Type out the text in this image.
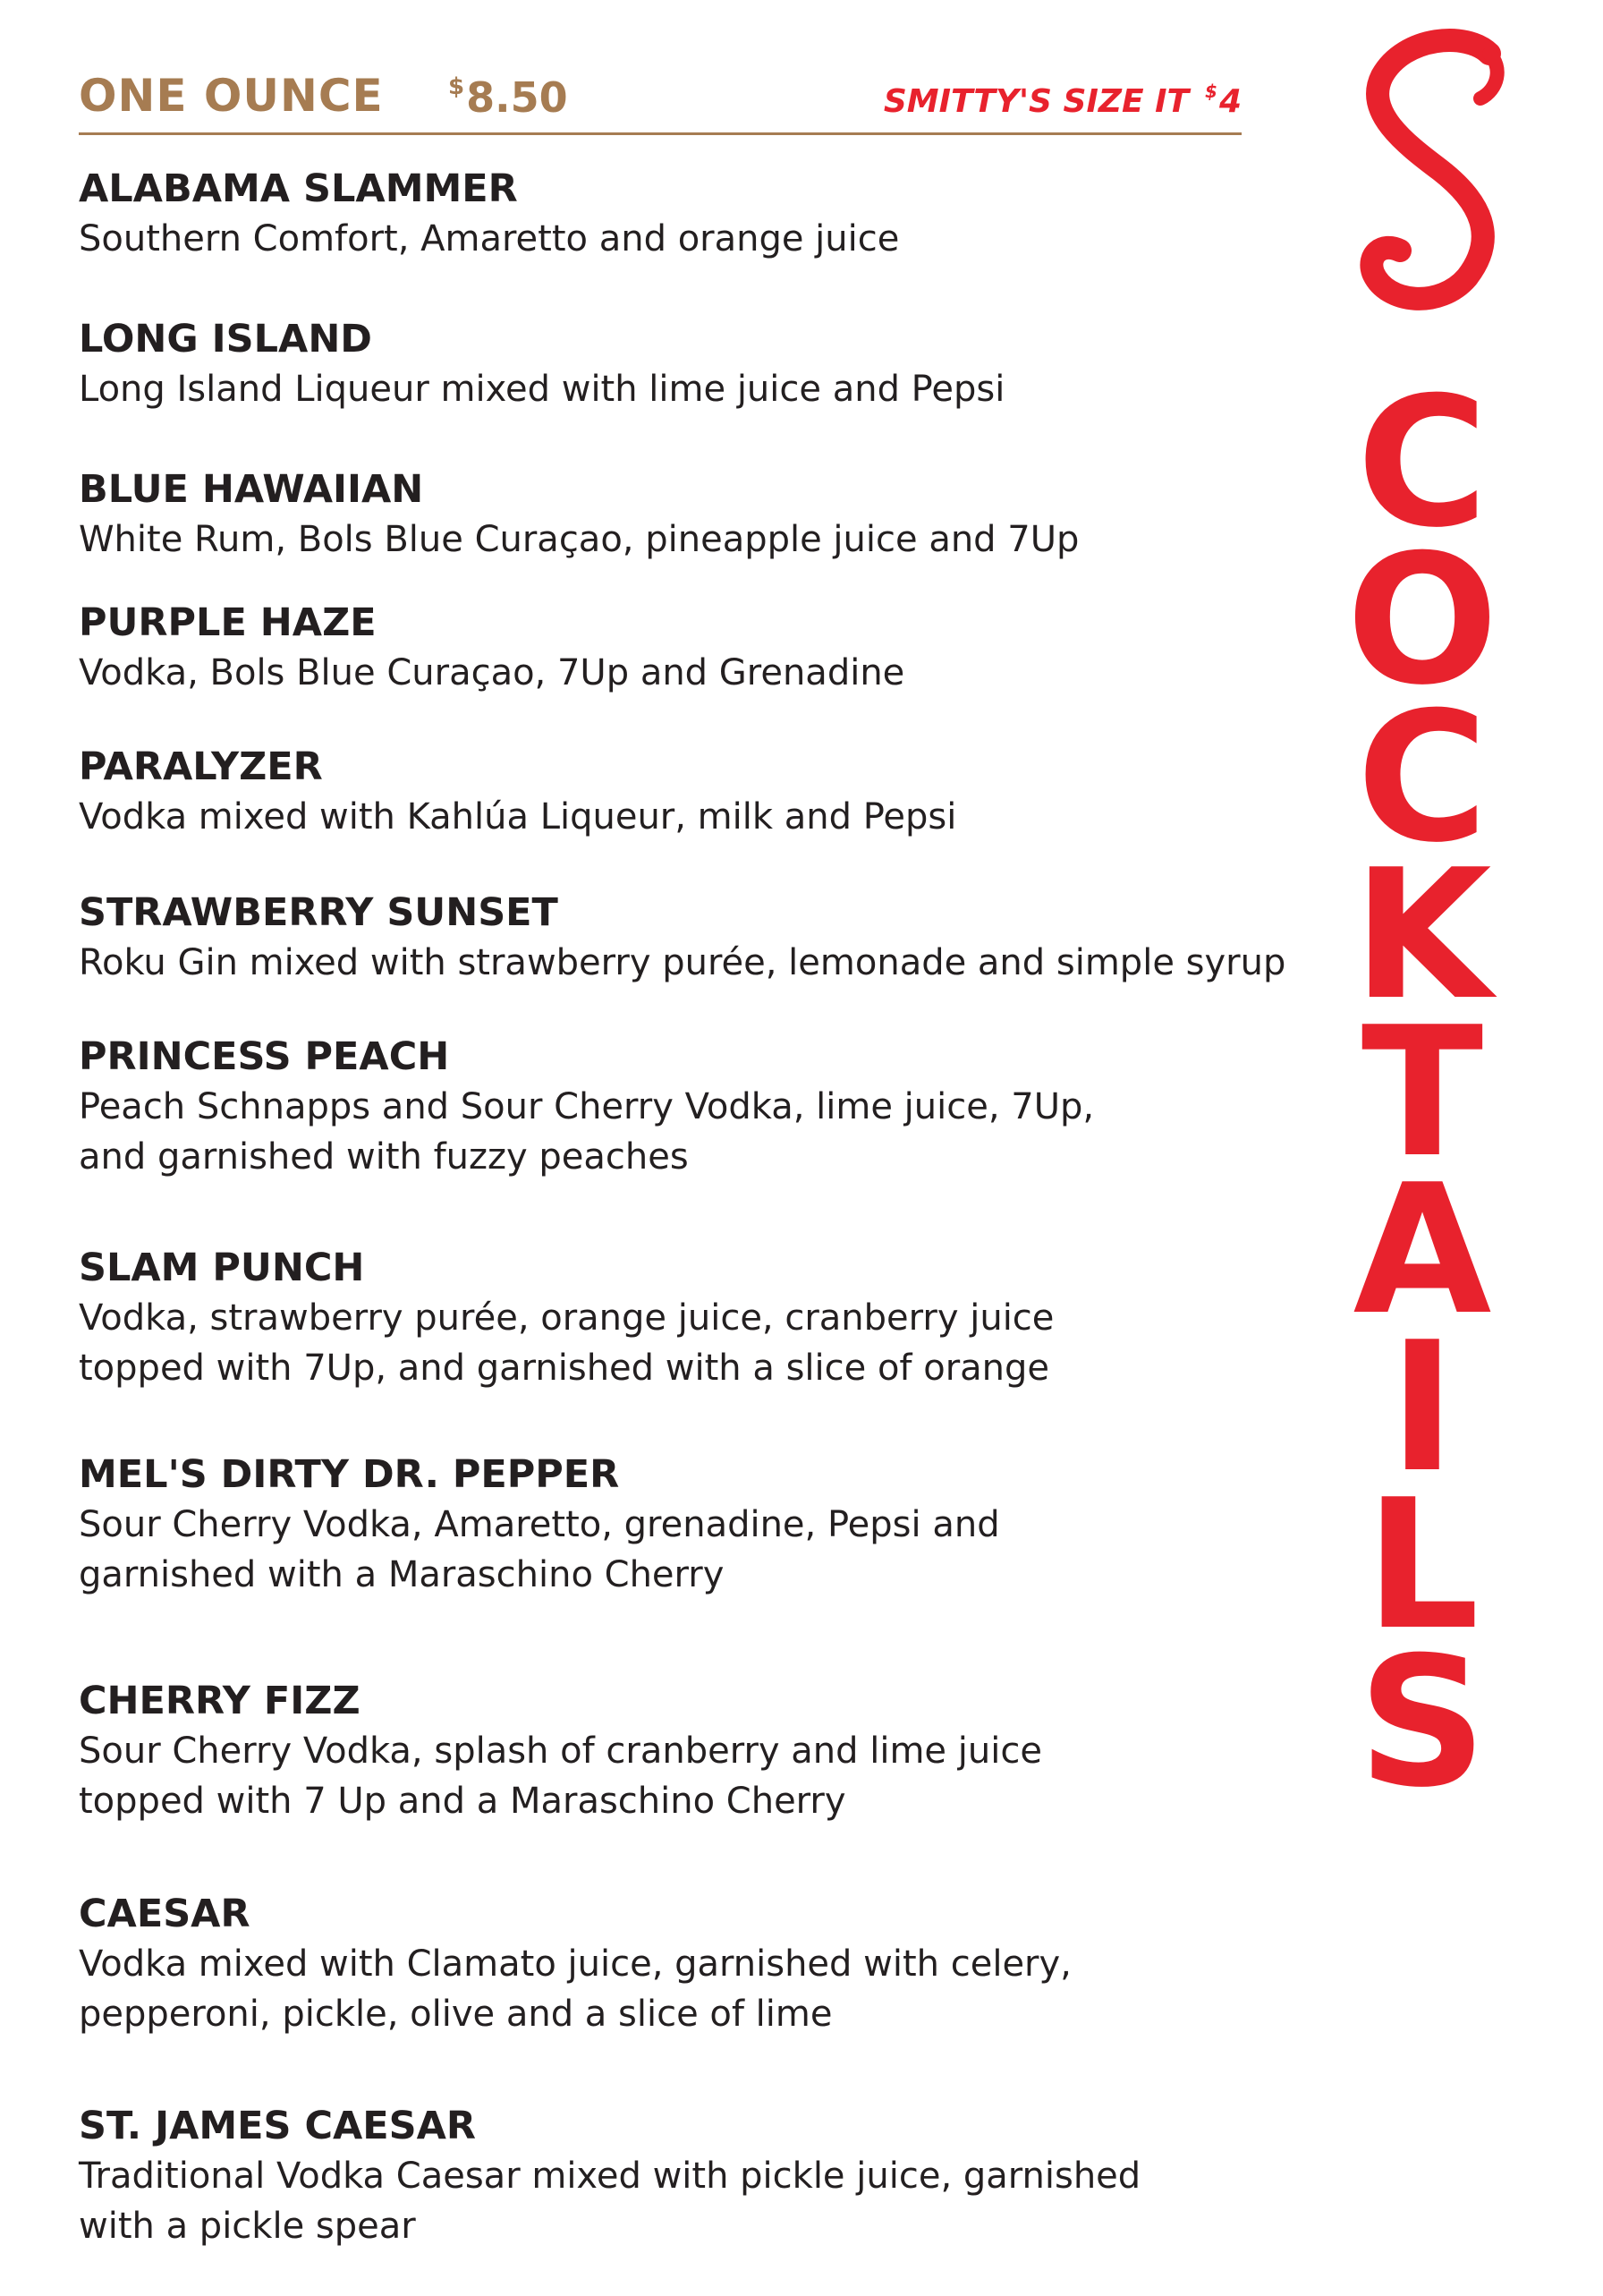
ONE OUNCE	$8.50	SMITTY'S SIZE IT $4
ALABAMA SLAMMER
Southern Comfort, Amaretto and orange juice
LONG ISLAND
Long Island Liqueur mixed with lime juice and Pepsi
BLUE HAWAIIAN
White Rum, Bols Blue Curaçao, pineapple juice and 7Up
PURPLE HAZE
Vodka, Bols Blue Curaçao, 7Up and Grenadine
PARALYZER
Vodka mixed with Kahlúa Liqueur, milk and Pepsi
STRAWBERRY SUNSET
Roku Gin mixed with strawberry purée, lemonade and simple syrup
PRINCESS PEACH
Peach Schnapps and Sour Cherry Vodka, lime juice, 7Up,
and garnished with fuzzy peaches
SLAM PUNCH
Vodka, strawberry purée, orange juice, cranberry juice
topped with 7Up, and garnished with a slice of orange
MEL'S DIRTY DR. PEPPER
Sour Cherry Vodka, Amaretto, grenadine, Pepsi and
garnished with a Maraschino Cherry
CHERRY FIZZ
Sour Cherry Vodka, splash of cranberry and lime juice
topped with 7 Up and a Maraschino Cherry
CAESAR
Vodka mixed with Clamato juice, garnished with celery,
pepperoni, pickle, olive and a slice of lime
ST. JAMES CAESAR
Traditional Vodka Caesar mixed with pickle juice, garnished
with a pickle spear
C
O
C
K
T
A
I
L
S
